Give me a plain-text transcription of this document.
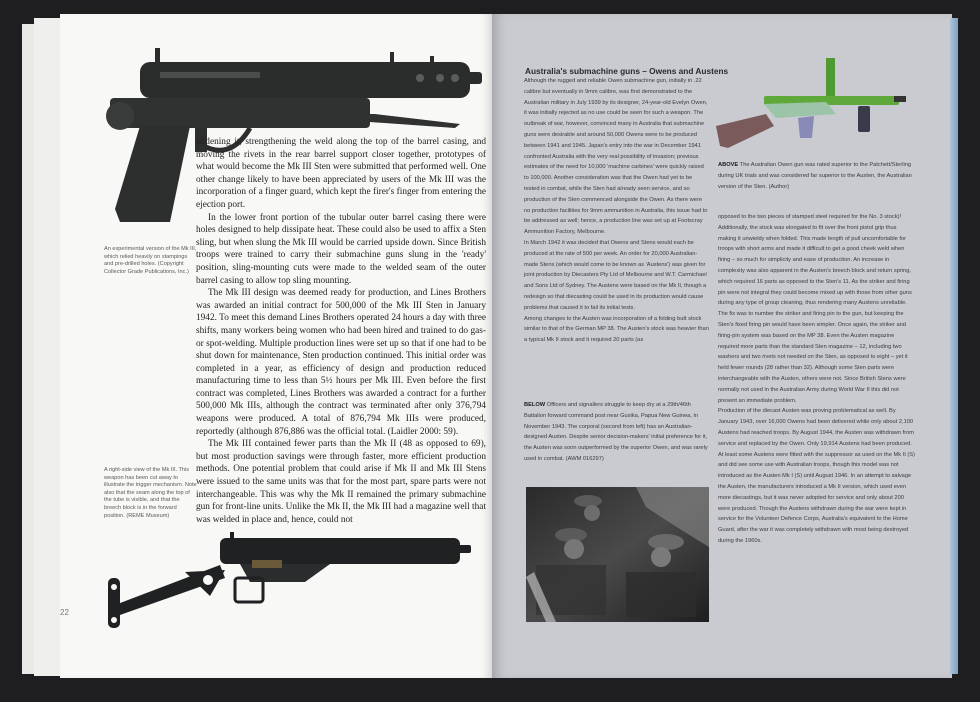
An experimental version of the Mk III, which relied heavily on stampings and pre-drilled holes. (Copyright Collector Grade Publications, Inc.)

widening it, strengthening the weld along the top of the barrel casing, and moving the rivets in the rear barrel support closer together, prototypes of what would become the Mk III Sten were submitted that performed well. One other change likely to have been appreciated by users of the Mk III was the incorporation of a finger guard, which kept the firer's finger from entering the ejection port.

In the lower front portion of the tubular outer barrel casing there were holes designed to help dissipate heat. These could also be used to affix a Sten sling, but when slung the Mk III would be carried upside down. Since British troops were trained to carry their submachine guns slung in the 'ready' position, sling-mounting cuts were made to the welded seam of the outer barrel casing to allow top sling mounting.

The Mk III design was deemed ready for production, and Lines Brothers was awarded an initial contract for 500,000 of the Mk III Sten in January 1942. To meet this demand Lines Brothers operated 24 hours a day with three shifts, many workers being women who had been hired and trained to do gas- or spot-welding. Multiple production lines were set up so that if one had to be shut down for maintenance, Sten production continued. This initial order was completed in a year, as efficiency of design and production reduced manufacturing time to less than 5½ hours per Mk III. Even before the first contract was completed, Lines Brothers was awarded a contract for a further 500,000 Mk IIIs, although the contract was terminated after only 376,794 weapons were produced. A total of 876,794 Mk IIIs were produced, reportedly (although 876,886 was the official total. (Laidler 2000: 59).

The Mk III contained fewer parts than the Mk II (48 as opposed to 69), but most production savings were through faster, more efficient production methods. One potential problem that could arise if Mk II and Mk III Stens were issued to the same units was that for the most part, spare parts were not interchangeable. This was why the Mk II remained the primary submachine gun for front-line units. Unlike the Mk II, the Mk III had a magazine well that was welded in place and, hence, could not

A right-side view of the Mk III. This weapon has been cut away to illustrate the trigger mechanism. Note also that the seam along the top of the tube is visible, and that the breech block is in the forward position. (REME Museum)
22
Australia's submachine guns – Owens and Austens

Although the rugged and reliable Owen submachine gun, initially in .22 calibre but eventually in 9mm calibre, was first demonstrated to the Australian military in July 1939 by its designer, 24-year-old Evelyn Owen, it was initially rejected as no use could be seen for such a weapon. The outbreak of war, however, convinced many in Australia that submachine guns were desirable and around 50,000 Owens were to be produced between 1941 and 1945. Japan's entry into the war in December 1941 confronted Australia with the very real possibility of invasion; previous estimates of the need for 10,000 'machine carbines' were quickly raised to 100,000. Another consideration was that the Owen had yet to be tested in combat, while the Sten had already seen service, and so production of the Sten commenced alongside the Owen. As there were no production facilities for 9mm ammunition in Australia, this issue had to be addressed as well; hence, a production line was set up at Footscray Ammunition Factory, Melbourne.

In March 1942 it was decided that Owens and Stens would each be produced at the rate of 500 per week. An order for 20,000 Australian-made Stens (which would come to be known as 'Austens') was given for joint production by Diecasters Pty Ltd of Melbourne and W.T. Carmichael and Sons Ltd of Sydney. The Austens were based on the Mk II, though a redesign so that diecasting could be used in its production would cause problems that caused it to fail its initial tests.

Among changes to the Austen was incorporation of a folding butt stock similar to that of the German MP 38. The Austen's stock was heavier than a typical Mk II stock and it required 20 parts (as

BELOW Officers and signallers struggle to keep dry at a 29th/46th Battalion forward command post near Gusika, Papua New Guinea, in November 1943. The corporal (second from left) has an Australian-designed Austen. Despite senior decision-makers' initial preference for it, the Austen was soon outperformed by the superior Owen, and was rarely used in combat. (AWM 016297)
ABOVE The Australian Owen gun was rated superior to the Patchett/Sterling during UK trials and was considered far superior to the Austen, the Australian version of the Sten. (Author)

opposed to the two pieces of stamped steel required for the No. 3 stock)! Additionally, the stock was elongated to fit over the front pistol grip thus making it unwieldy when folded. This made length of pull uncomfortable for troops with short arms and made it difficult to get a good cheek weld when firing – so much for simplicity and ease of production. An increase in complexity was also apparent in the Austen's breech block and return spring, which required 16 parts as opposed to the Sten's 11. As the striker and firing pin were not integral they could become mixed up with those from other guns during any type of group cleaning, thus rendering many Austens unreliable. The fix was to number the striker and firing pin to the gun, but keeping the Sten's fixed firing pin would have been simpler. Once again, the striker and firing-pin system was based on the MP 38. Even the Austen magazine required more parts than the standard Sten magazine – 12, including two washers and two rivets not needed on the Sten, as opposed to eight – yet it held fewer rounds (28 rather than 32). Although some Sten parts were interchangeable with the Austen, others were not. Since British Stens were normally not used in the Australian Army during World War II this did not present an immediate problem.

Production of the diecast Austen was proving problematical as well. By January 1943, over 16,000 Owens had been delivered while only about 2,100 Austens had reached troops. By August 1944, the Austen was withdrawn from service and replaced by the Owen. Only 19,914 Austens had been produced.

At least some Austens were fitted with the suppressor as used on the Mk II (S) and did see some use with Australian troops, though this model was not introduced as the Austen Mk I (S) until August 1946. In an attempt to salvage the Austen, the manufacturers introduced a Mk II version, which used even more diecastings, but it was never adopted for service and only about 200 were produced. Though the Austens withdrawn during the war were kept in service for the Volunteer Defence Corps, Australia's equivalent to the Home Guard, after the war it was completely withdrawn with most being destroyed during the 1960s.
